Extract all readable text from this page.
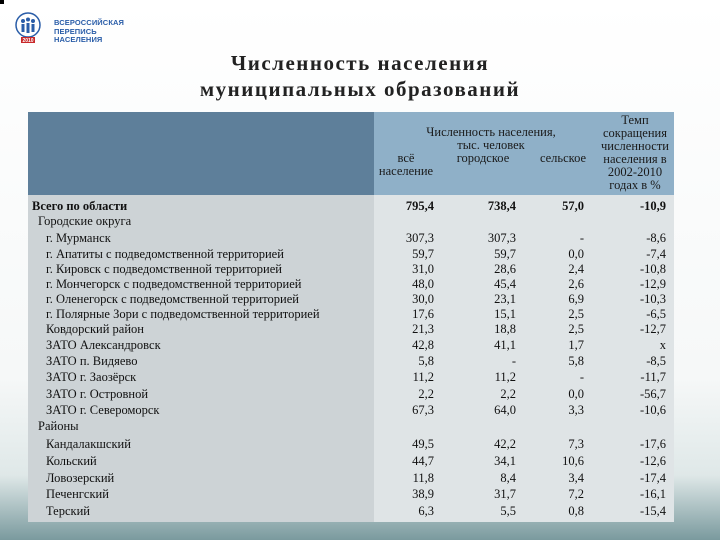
2010
ВСЕРОССИЙСКАЯ
ПЕРЕПИСЬ НАСЕЛЕНИЯ
Численность населения
муниципальных образований
Численность населения,
тыс. человек
всё
население
городское	сельское
Темп
сокращения
численности
населения в
2002-2010
годах в %
Всего по области	795,4	738,4	57,0	-10,9
Городские округа
г. Мурманск	307,3	307,3	-	-8,6
г. Апатиты с подведомственной территорией	59,7	59,7	0,0	-7,4
г. Кировск с подведомственной территорией	31,0	28,6	2,4	-10,8
г. Мончегорск с подведомственной территорией	48,0	45,4	2,6	-12,9
г. Оленегорск с подведомственной территорией	30,0	23,1	6,9	-10,3
г. Полярные Зори с подведомственной территорией	17,6	15,1	2,5	-6,5
Ковдорский район	21,3	18,8	2,5	-12,7
ЗАТО Александровск	42,8	41,1	1,7	x
ЗАТО п. Видяево	5,8	-	5,8	-8,5
ЗАТО г. Заозёрск	11,2	11,2	-	-11,7
ЗАТО г. Островной	2,2	2,2	0,0	-56,7
ЗАТО г. Североморск	67,3	64,0	3,3	-10,6
Районы
Кандалакшский	49,5	42,2	7,3	-17,6
Кольский	44,7	34,1	10,6	-12,6
Ловозерский	11,8	8,4	3,4	-17,4
Печенгский	38,9	31,7	7,2	-16,1
Терский	6,3	5,5	0,8	-15,4
